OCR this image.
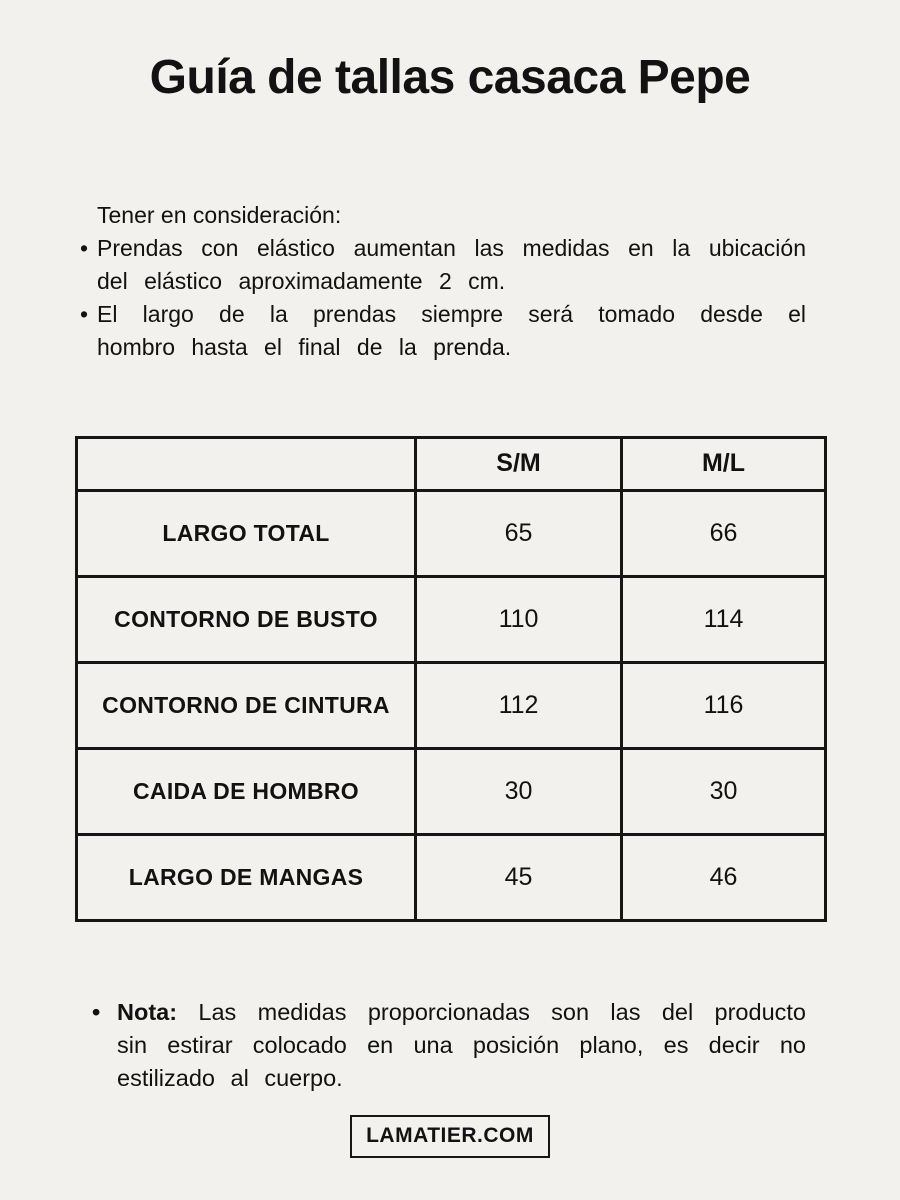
Guía de tallas casaca Pepe
Tener en consideración:
• Prendas con elástico aumentan las medidas en la ubicación del elástico aproximadamente 2 cm.
• El largo de la prendas siempre será tomado desde el hombro hasta el final de la prenda.
	S/M	M/L
LARGO TOTAL	65	66
CONTORNO DE BUSTO	110	114
CONTORNO DE CINTURA	112	116
CAIDA DE HOMBRO	30	30
LARGO DE MANGAS	45	46
• Nota: Las medidas proporcionadas son las del producto sin estirar colocado en una posición plano, es decir no estilizado al cuerpo.
LAMATIER.COM
